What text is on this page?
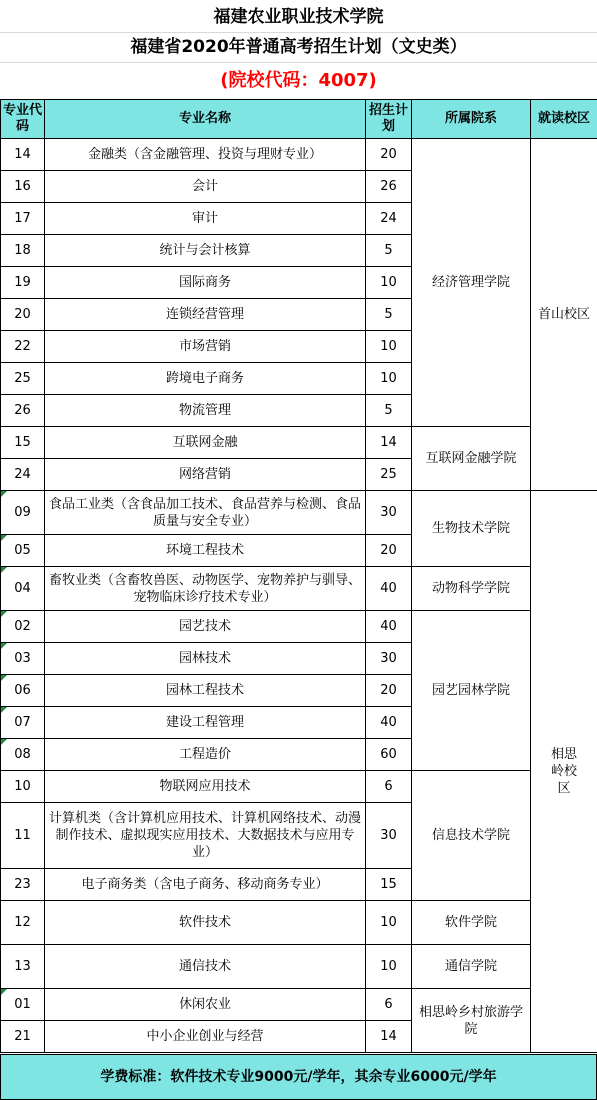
福建农业职业技术学院
福建省2020年普通高考招生计划（文史类）
(院校代码：4007)
专业代码	专业名称	招生计划	所属院系	就读校区
14	金融类（含金融管理、投资与理财专业）	20	经济管理学院	首山校区
16	会计	26		
17	审计	24		
18	统计与会计核算	5		
19	国际商务	10		
20	连锁经营管理	5		
22	市场营销	10		
25	跨境电子商务	10		
26	物流管理	5		
15	互联网金融	14	互联网金融学院	
24	网络营销	25		

09	食品工业类（含食品加工技术、食品营养与检测、食品质量与安全专业）	30	生物技术学院	相思岭校区

05	环境工程技术	20		

04	畜牧业类（含畜牧兽医、动物医学、宠物养护与驯导、宠物临床诊疗技术专业）	40	动物科学学院	

02	园艺技术	40	园艺园林学院	

03	园林技术	30		

06	园林工程技术	20		

07	建设工程管理	40		

08	工程造价	60		
10	物联网应用技术	6	信息技术学院	
11	计算机类（含计算机应用技术、计算机网络技术、动漫制作技术、虚拟现实应用技术、大数据技术与应用专业）	30		
23	电子商务类（含电子商务、移动商务专业）	15		
12	软件技术	10	软件学院	
13	通信技术	10	通信学院	

01	休闲农业	6	相思岭乡村旅游学院	
21	中小企业创业与经营	14		
学费标准：软件技术专业9000元/学年，其余专业6000元/学年
